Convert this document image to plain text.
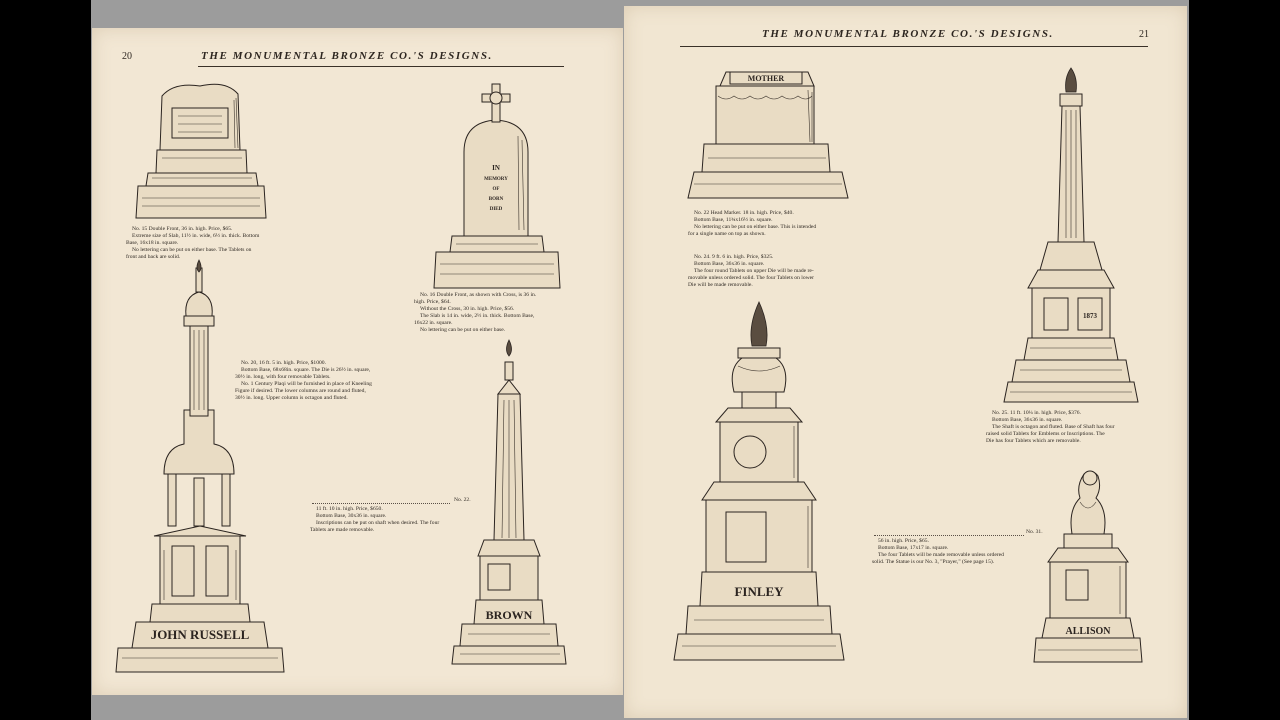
20	THE MONUMENTAL BRONZE CO.'S DESIGNS.
IN
MEMORY
OF
BORN
DIED
JOHN RUSSELL
BROWN

No. 15 Double Front, 36 in. high. Price, $65.

Extreme size of Slab, 11½ in. wide, 6½ in. thick. Bottom

Base, 16x18 in. square.

No lettering can be put on either base. The Tablets on

front and back are solid.

No. 16 Double Front, as shown with Cross, is 36 in.

high. Price, $64.

Without the Cross, 30 in. high. Price, $56.

The Slab is 14 in. wide, 2½ in. thick. Bottom Base,

16x22 in. square.

No lettering can be put on either base.

No. 20, 16 ft. 5 in. high. Price, $1000.

Bottom Base, 68x68in. square. The Die is 26½ in. square,

30½ in. long, with four removable Tablets.

No. 1 Century Plaqi will be furnished in place of Kneeling

Figure if desired. The lower columns are round and fluted,

30½ in. long. Upper column is octagon and fluted.

No. 22.

11 ft. 10 in. high. Price, $650.

Bottom Base, 30x36 in. square.

Inscriptions can be put on shaft when desired. The four

Tablets are made removable.

THE MONUMENTAL BRONZE CO.'S DESIGNS.	21
MOTHER
FINLEY
1873
ALLISON

No. 22 Head Marker. 18 in. high. Price, $40.

Bottom Base, 11¾x16½ in. square.

No lettering can be put on either base. This is intended

for a single name on top as shown.

No. 24. 9 ft. 6 in. high. Price, $325.

Bottom Base, 36x36 in. square.

The four round Tablets on upper Die will be made re-

movable unless ordered solid. The four Tablets on lower

Die will be made removable.

No. 25. 11 ft. 10¼ in. high. Price, $376.

Bottom Base, 36x36 in. square.

The Shaft is octagon and fluted. Base of Shaft has four

raised solid Tablets for Emblems or Inscriptions. The

Die has four Tablets which are removable.

No. 31.

56 in. high. Price, $65.

Bottom Base, 17x17 in. square.

The four Tablets will be made removable unless ordered

solid. The Statue is our No. 3, "Prayer," (See page 15).
